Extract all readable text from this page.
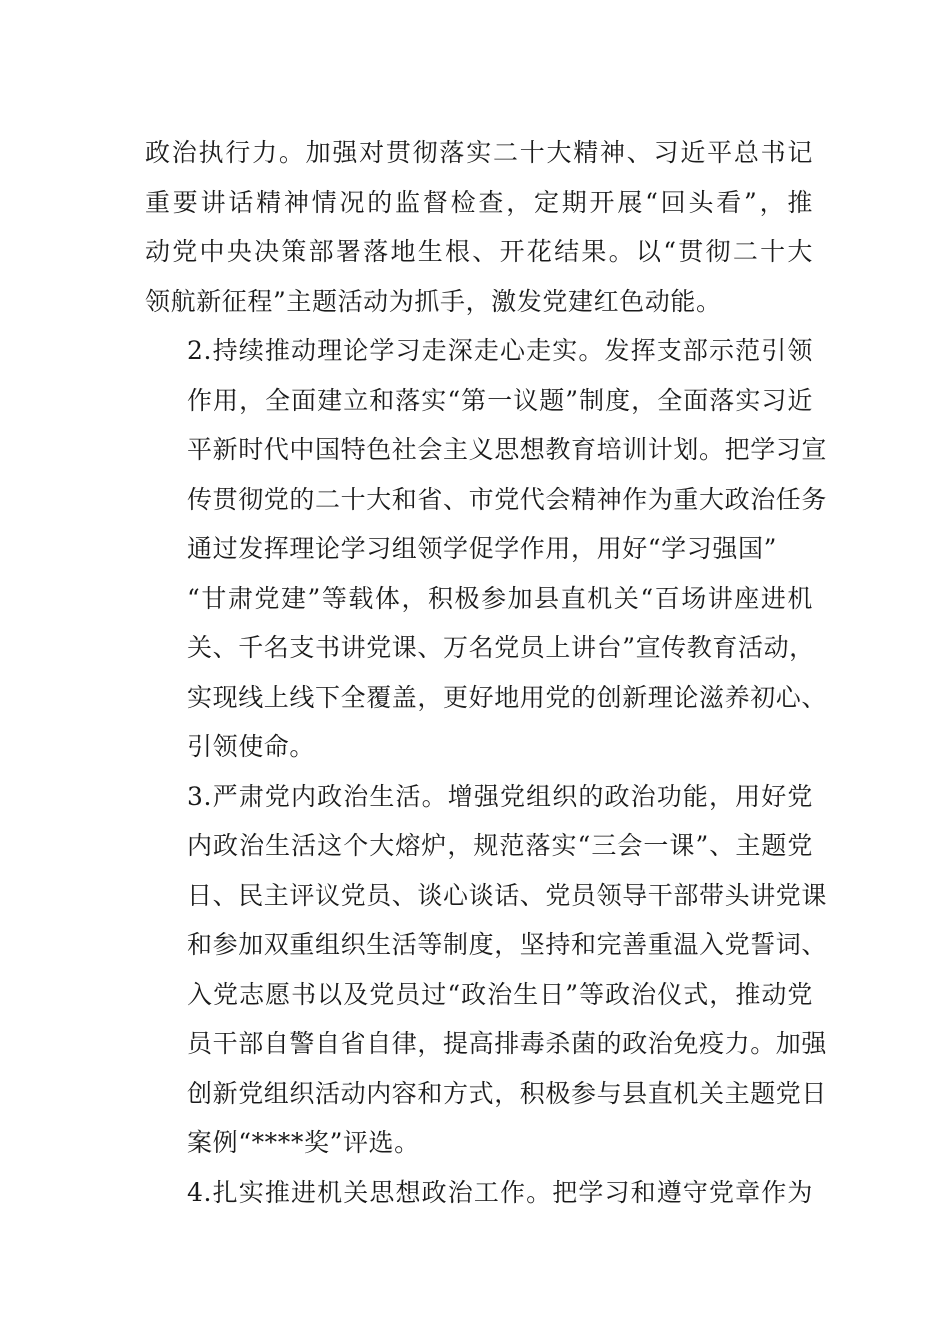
政治执行力。加强对贯彻落实二十大精神、习近平总书记
重要讲话精神情况的监督检查，定期开展“回头看”，推
动党中央决策部署落地生根、开花结果。以“贯彻二十大
领航新征程”主题活动为抓手，激发党建红色动能。
2.持续推动理论学习走深走心走实。发挥支部示范引领
作用，全面建立和落实“第一议题”制度，全面落实习近
平新时代中国特色社会主义思想教育培训计划。把学习宣
传贯彻党的二十大和省、市党代会精神作为重大政治任务
通过发挥理论学习组领学促学作用，用好“学习强国”
“甘肃党建”等载体，积极参加县直机关“百场讲座进机
关、千名支书讲党课、万名党员上讲台”宣传教育活动，
实现线上线下全覆盖，更好地用党的创新理论滋养初心、
引领使命。
3.严肃党内政治生活。增强党组织的政治功能，用好党
内政治生活这个大熔炉，规范落实“三会一课”、主题党
日、民主评议党员、谈心谈话、党员领导干部带头讲党课
和参加双重组织生活等制度，坚持和完善重温入党誓词、
入党志愿书以及党员过“政治生日”等政治仪式，推动党
员干部自警自省自律，提高排毒杀菌的政治免疫力。加强
创新党组织活动内容和方式，积极参与县直机关主题党日
案例“****奖”评选。
4.扎实推进机关思想政治工作。把学习和遵守党章作为
